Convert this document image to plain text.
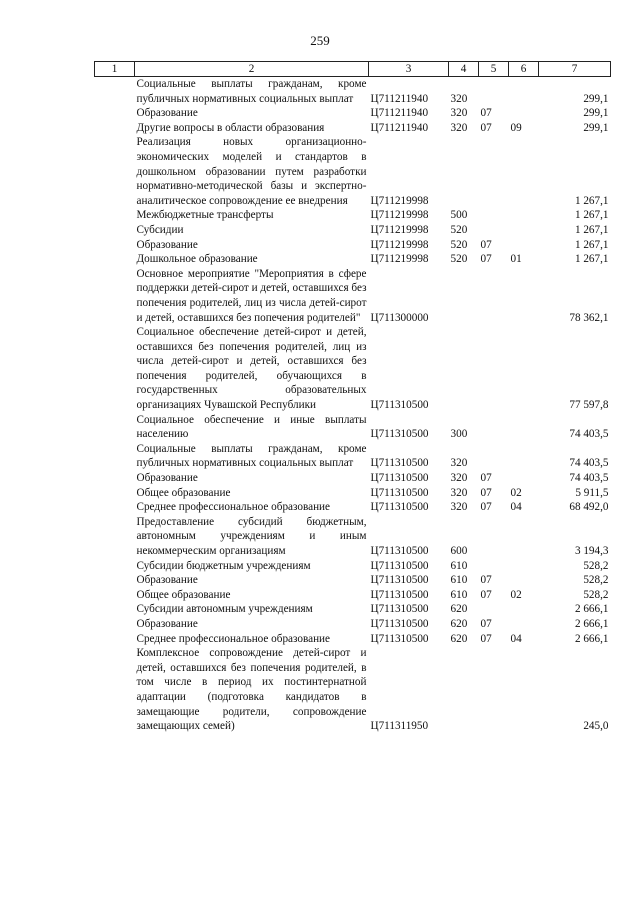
259
1	2	3	4	5	6	7
	Социальные выплаты гражданам, кроме публичных нормативных социальных выплат	Ц711211940	320			299,1
	Образование	Ц711211940	320	07		299,1
	Другие вопросы в области образования	Ц711211940	320	07	09	299,1
	Реализация новых организационно-экономических моделей и стандартов в дошкольном образовании путем разработки нормативно-методической базы и экспертно-аналитическое сопровождение ее внедрения	Ц711219998				1 267,1
	Межбюджетные трансферты	Ц711219998	500			1 267,1
	Субсидии	Ц711219998	520			1 267,1
	Образование	Ц711219998	520	07		1 267,1
	Дошкольное образование	Ц711219998	520	07	01	1 267,1
	Основное мероприятие "Мероприятия в сфере поддержки детей-сирот и детей, оставшихся без попечения родителей, лиц из числа детей-сирот и детей, оставшихся без попечения родителей"	Ц711300000				78 362,1
	Социальное обеспечение детей-сирот и детей, оставшихся без попечения родителей, лиц из числа детей-сирот и детей, оставшихся без попечения родителей, обучающихся в государственных образовательных организациях Чувашской Республики	Ц711310500				77 597,8
	Социальное обеспечение и иные выплаты населению	Ц711310500	300			74 403,5
	Социальные выплаты гражданам, кроме публичных нормативных социальных выплат	Ц711310500	320			74 403,5
	Образование	Ц711310500	320	07		74 403,5
	Общее образование	Ц711310500	320	07	02	5 911,5
	Среднее профессиональное образование	Ц711310500	320	07	04	68 492,0
	Предоставление субсидий бюджетным, автономным учреждениям и иным некоммерческим организациям	Ц711310500	600			3 194,3
	Субсидии бюджетным учреждениям	Ц711310500	610			528,2
	Образование	Ц711310500	610	07		528,2
	Общее образование	Ц711310500	610	07	02	528,2
	Субсидии автономным учреждениям	Ц711310500	620			2 666,1
	Образование	Ц711310500	620	07		2 666,1
	Среднее профессиональное образование	Ц711310500	620	07	04	2 666,1
	Комплексное сопровождение детей-сирот и детей, оставшихся без попечения родителей, в том числе в период их постинтернатной адаптации (подготовка кандидатов в замещающие родители, сопровождение замещающих семей)	Ц711311950				245,0
